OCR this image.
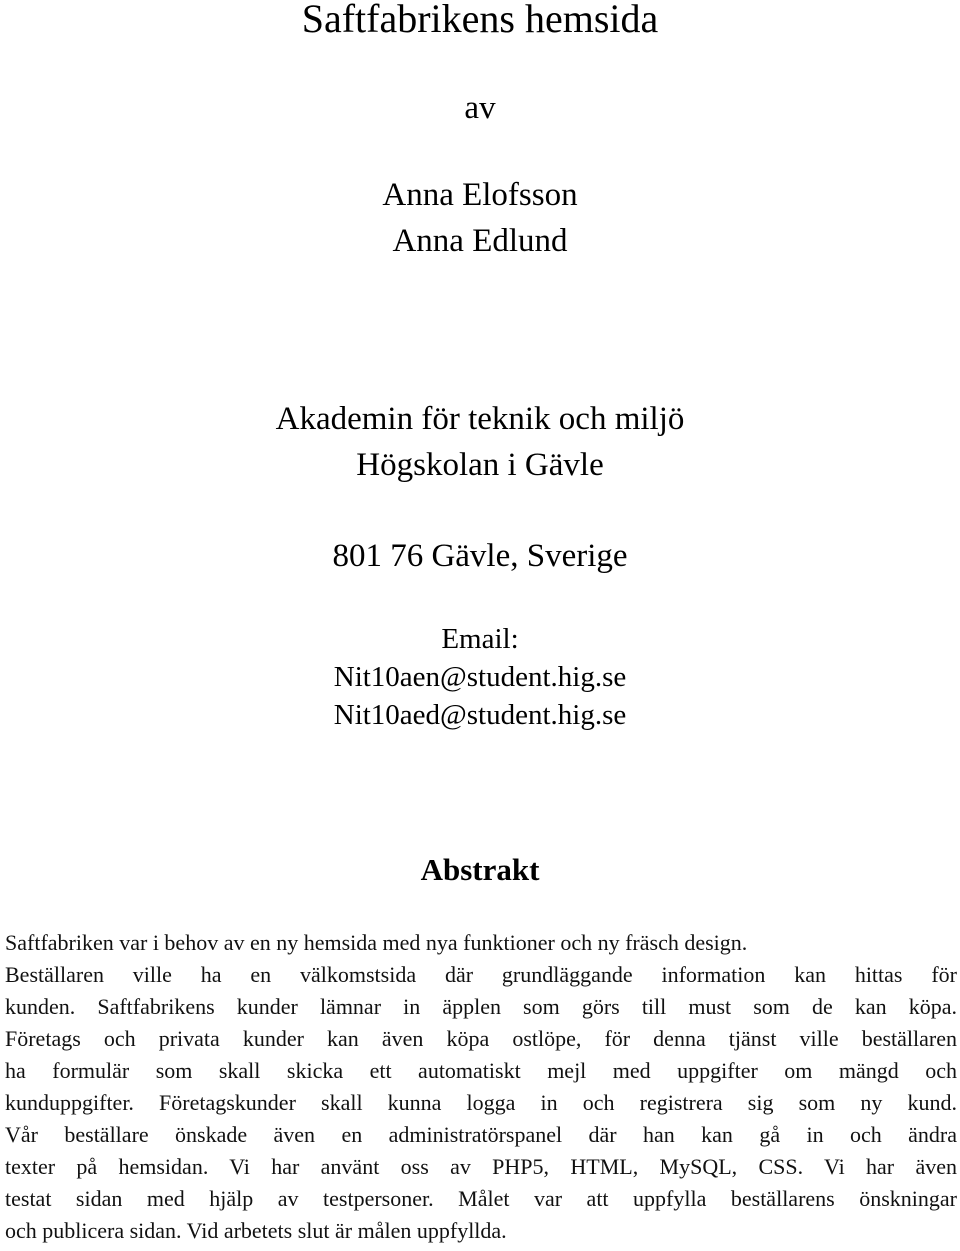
Saftfabrikens hemsida
av
Anna Elofsson
Anna Edlund
Akademin för teknik och miljö
Högskolan i Gävle
801 76 Gävle, Sverige
Email:
Nit10aen@student.hig.se
Nit10aed@student.hig.se
Abstrakt
Saftfabriken var i behov av en ny hemsida med nya funktioner och ny fräsch design.
Beställaren ville ha en välkomstsida där grundläggande information kan hittas för
kunden. Saftfabrikens kunder lämnar in äpplen som görs till must som de kan köpa.
Företags och privata kunder kan även köpa ostlöpe, för denna tjänst ville beställaren
ha formulär som skall skicka ett automatiskt mejl med uppgifter om mängd och
kunduppgifter. Företagskunder skall kunna logga in och registrera sig som ny kund.
Vår beställare önskade även en administratörspanel där han kan gå in och ändra
texter på hemsidan. Vi har använt oss av PHP5, HTML, MySQL, CSS. Vi har även
testat sidan med hjälp av testpersoner. Målet var att uppfylla beställarens önskningar
och publicera sidan. Vid arbetets slut är målen uppfyllda.
